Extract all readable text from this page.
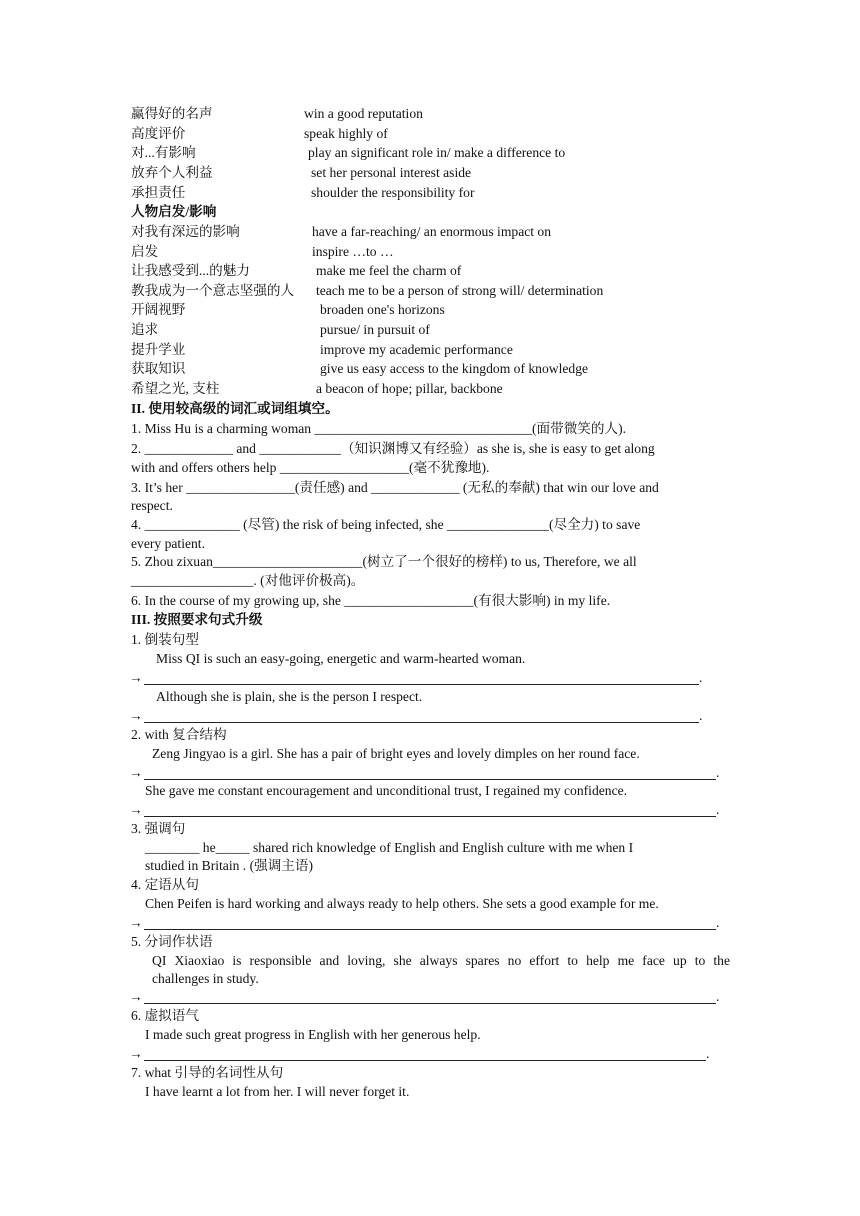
赢得好的名声	win a good reputation
高度评价	speak highly of
对...有影响	play an significant role in/ make a difference to
放弃个人利益	set her personal interest aside
承担责任	shoulder the responsibility for
人物启发/影响
对我有深远的影响	have a far-reaching/ an enormous impact on
启发	inspire …to …
让我感受到...的魅力	make me feel the charm of
教我成为一个意志坚强的人 teach me to be a person of strong will/ determination
开阔视野	broaden one's horizons
追求	pursue/ in pursuit of
提升学业	improve my academic performance
获取知识	give us easy access to the kingdom of knowledge
希望之光, 支柱	a beacon of hope; pillar, backbone
II. 使用较高级的词汇或词组填空。
1. Miss Hu is a charming woman ________________________________(面带微笑的人).
2. _____________ and ____________（知识渊博又有经验）as she is, she is easy to get along
with and offers others help ___________________(毫不犹豫地).
3. It’s her ________________(责任感) and _____________ (无私的奉献) that win our love and
respect.
4. ______________ (尽管) the risk of being infected, she _______________(尽全力) to save
every patient.
5. Zhou zixuan______________________(树立了一个很好的榜样) to us, Therefore, we all
__________________. (对他评价极高)。
6. In the course of my growing up, she ___________________(有很大影响) in my life.
III. 按照要求句式升级
1. 倒装句型
Miss QI is such an easy-going, energetic and warm-hearted woman.
→	.
Although she is plain, she is the person I respect.
→	.
2. with 复合结构
Zeng Jingyao is a girl. She has a pair of bright eyes and lovely dimples on her round face.
→	.
She gave me constant encouragement and unconditional trust, I regained my confidence.
→	.
3. 强调句
________ he_____ shared rich knowledge of English and English culture with me when I
studied in Britain . (强调主语)
4. 定语从句
Chen Peifen is hard working and always ready to help others. She sets a good example for me.
→	.
5. 分词作状语
QI Xiaoxiao is responsible and loving, she always spares no effort to help me face up to the
challenges in study.
→	.
6. 虚拟语气
I made such great progress in English with her generous help.
→	.
7. what 引导的名词性从句
I have learnt a lot from her. I will never forget it.
